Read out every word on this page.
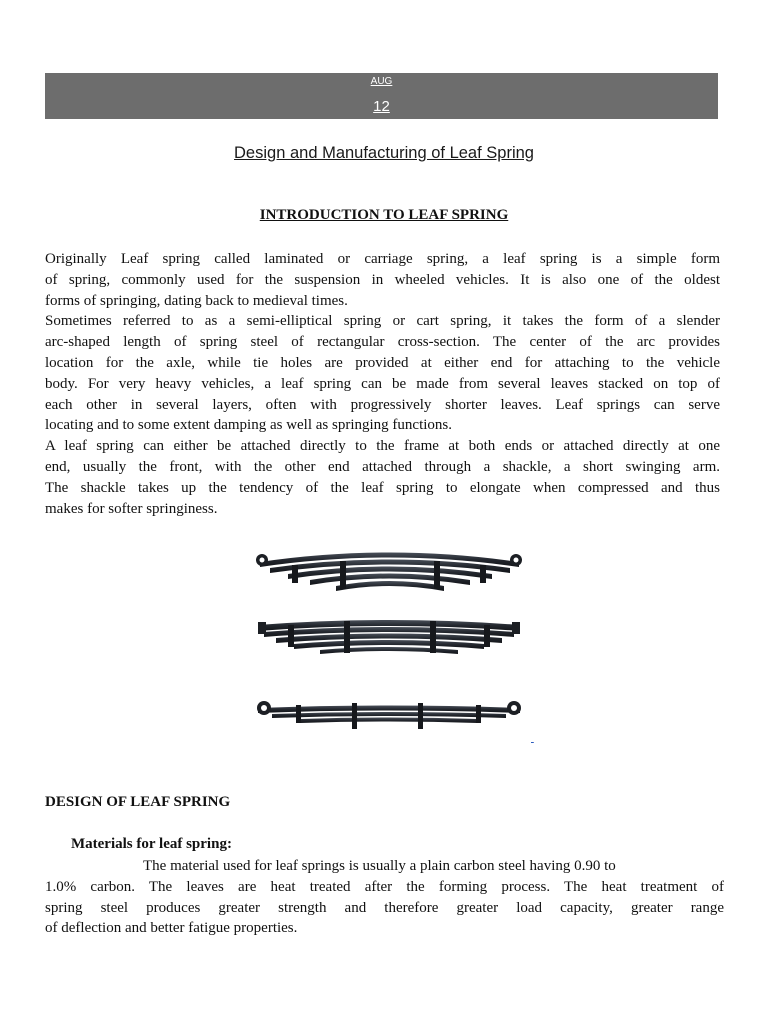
AUG
12
Design and Manufacturing of Leaf Spring
INTRODUCTION TO LEAF SPRING
Originally Leaf spring called laminated or carriage spring, a leaf spring is a simple form
of spring, commonly used for the suspension in wheeled vehicles. It is also one of the oldest
forms of springing, dating back to medieval times.
Sometimes referred to as a semi-elliptical spring or cart spring, it takes the form of a slender
arc-shaped length of spring steel of rectangular cross-section. The center of the arc provides
location for the axle, while tie holes are provided at either end for attaching to the vehicle
body. For very heavy vehicles, a leaf spring can be made from several leaves stacked on top of
each other in several layers, often with progressively shorter leaves. Leaf springs can serve
locating and to some extent damping as well as springing functions.
A leaf spring can either be attached directly to the frame at both ends or attached directly at one
end, usually the front, with the other end attached through a shackle, a short swinging arm.
The shackle takes up the tendency of the leaf spring to elongate when compressed and thus
makes for softer springiness.

DESIGN OF LEAF SPRING
Materials for leaf spring:
The material used for leaf springs is usually a plain carbon steel having 0.90 to
1.0% carbon. The leaves are heat treated after the forming process. The heat treatment of
spring steel produces greater strength and therefore greater load capacity, greater range
of deflection and better fatigue properties.
